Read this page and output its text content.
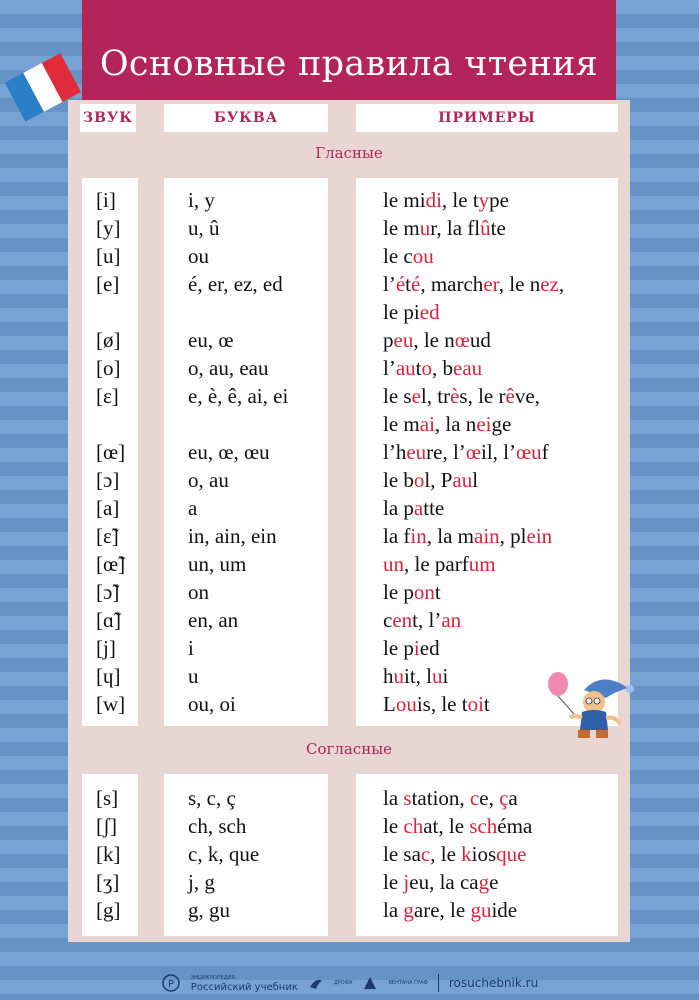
Основные правила чтения
ЗВУК	БУКВА	ПРИМЕРЫ
Гласные
[i]	i, y	le midi, le type
[y]	u, û	le mur, la flûte
[u]	ou	le cou
[e]	é, er, ez, ed	l’été, marcher, le nez,
le pied
[ø]	eu, œ	peu, le nœud
[o]	o, au, eau	l’auto, beau
[ɛ]	e, è, ê, ai, ei	le sel, très, le rêve,
le mai, la neige
[œ]	eu, œ, œu	l’heure, l’œil, l’œuf
[ɔ]	o, au	le bol, Paul
[a]	a	la patte
[ɛ̃]	in, ain, ein	la fin, la main, plein
[œ̃]	un, um	un, le parfum
[ɔ̃]	on	le pont
[ɑ̃]	en, an	cent, l’an
[j]	i	le pied
[ɥ]	u	huit, lui
[w]	ou, oi	Louis, le toit
Согласные
[s]	s, c, ç	la station, ce, ça
[ʃ]	ch, sch	le chat, le schéma
[k]	c, k, que	le sac, le kiosque
[ʒ]	j, g	le jeu, la cage
[g]	g, gu	la gare, le guide
Р
ЭНЦИКЛОПЕДИЯ
Российский учебник	ДРОФА	ВЕНТАНА ГРАФ rosuchebnik.ru
